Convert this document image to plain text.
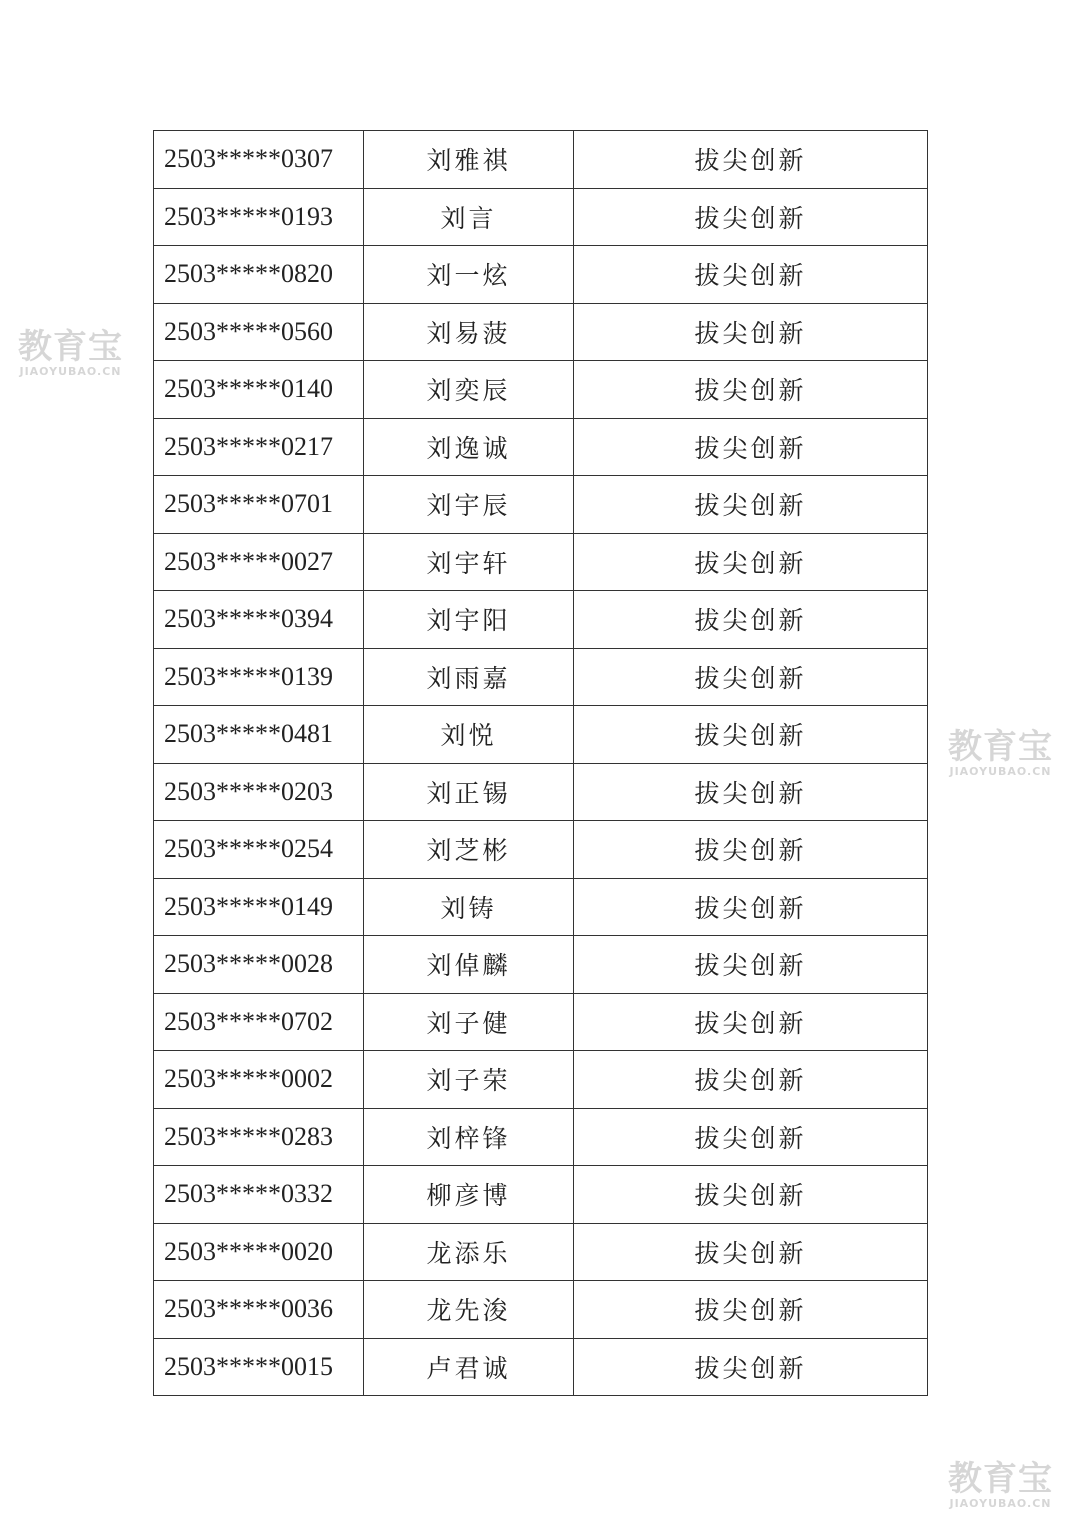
教育宝
JIAOYUBAO.CN
教育宝
JIAOYUBAO.CN
教育宝
JIAOYUBAO.CN
2503*****0307	刘雅祺	拔尖创新
2503*****0193	刘言	拔尖创新
2503*****0820	刘一炫	拔尖创新
2503*****0560	刘易菠	拔尖创新
2503*****0140	刘奕辰	拔尖创新
2503*****0217	刘逸诚	拔尖创新
2503*****0701	刘宇辰	拔尖创新
2503*****0027	刘宇轩	拔尖创新
2503*****0394	刘宇阳	拔尖创新
2503*****0139	刘雨嘉	拔尖创新
2503*****0481	刘悦	拔尖创新
2503*****0203	刘正锡	拔尖创新
2503*****0254	刘芝彬	拔尖创新
2503*****0149	刘铸	拔尖创新
2503*****0028	刘倬麟	拔尖创新
2503*****0702	刘子健	拔尖创新
2503*****0002	刘子荣	拔尖创新
2503*****0283	刘梓锋	拔尖创新
2503*****0332	柳彦博	拔尖创新
2503*****0020	龙添乐	拔尖创新
2503*****0036	龙先浚	拔尖创新
2503*****0015	卢君诚	拔尖创新
